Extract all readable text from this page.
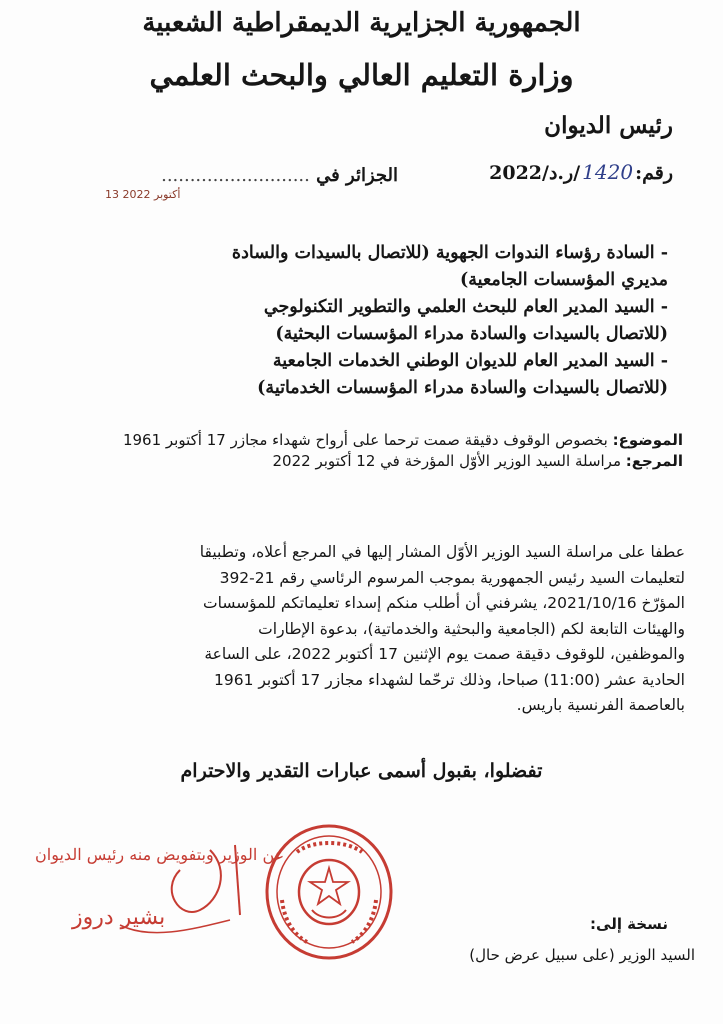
الجمهورية الجزايرية الديمقراطية الشعبية
وزارة التعليم العالي والبحث العلمي
رئيس الديوان
رقم:1420/ر.د/2022
الجزائر في ..........................
13 أكتوبر 2022

- السادة رؤساء الندوات الجهوية (للاتصال بالسيدات والسادة

مديري المؤسسات الجامعية)

- السيد المدير العام للبحث العلمي والتطوير التكنولوجي

(للاتصال بالسيدات والسادة مدراء المؤسسات البحثية)

- السيد المدير العام للديوان الوطني الخدمات الجامعية

(للاتصال بالسيدات والسادة مدراء المؤسسات الخدماتية)

الموضوع: بخصوص الوقوف دقيقة صمت ترحما على أرواح شهداء مجازر 17 أكتوبر 1961
المرجع: مراسلة السيد الوزير الأوّل المؤرخة في 12 أكتوبر 2022

عطفا على مراسلة السيد الوزير الأوّل المشار إليها في المرجع أعلاه، وتطبيقا

لتعليمات السيد رئيس الجمهورية بموجب المرسوم الرئاسي رقم 21-392

المؤرّخ 2021/10/16، يشرفني أن أطلب منكم إسداء تعليماتكم للمؤسسات

والهيئات التابعة لكم (الجامعية والبحثية والخدماتية)، بدعوة الإطارات

والموظفين، للوقوف دقيقة صمت يوم الإثنين 17 أكتوبر 2022، على الساعة

الحادية عشر (11:00) صباحا، وذلك ترحّما لشهداء مجازر 17 أكتوبر 1961

بالعاصمة الفرنسية باريس.

تفضلوا، بقبول أسمى عبارات التقدير والاحترام
عن الوزير وبتفويض منه رئيس الديوان
بشير دروز	نسخة إلى:
السيد الوزير (على سبيل عرض حال)
